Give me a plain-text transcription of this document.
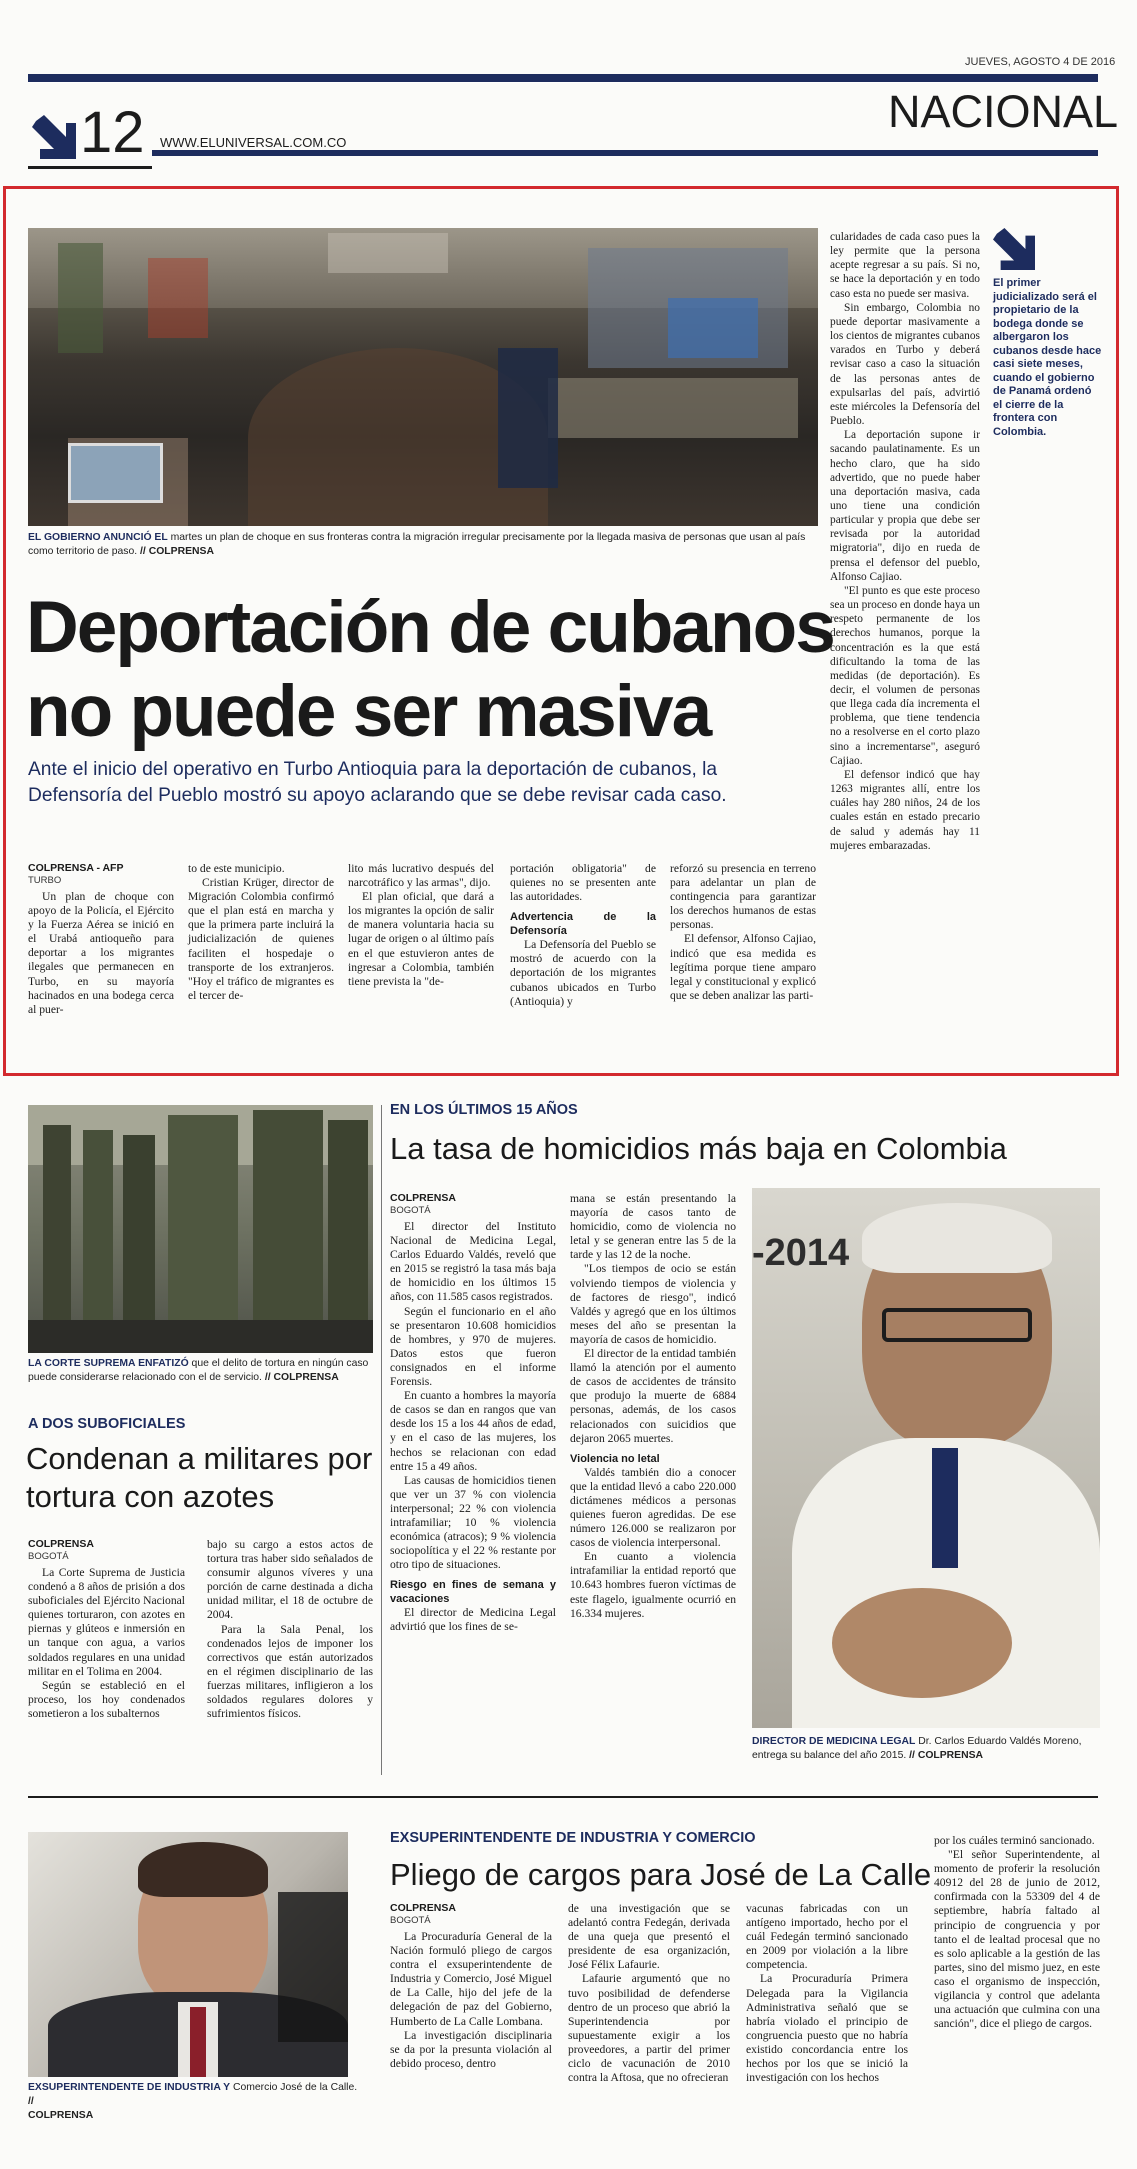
JUEVES, AGOSTO 4 DE 2016
NACIONAL
12 WWW.ELUNIVERSAL.COM.CO
EL GOBIERNO ANUNCIÓ EL martes un plan de choque en sus fronteras contra la migración irregular precisamente por la llegada masiva de personas que usan al país como territorio de paso. // COLPRENSA
Deportación de cubanos
no puede ser masiva
Ante el inicio del operativo en Turbo Antioquia para la deportación de cubanos, la
Defensoría del Pueblo mostró su apoyo aclarando que se debe revisar cada caso.
COLPRENSA - AFP
TURBO

Un plan de choque con apoyo de la Policía, el Ejército y la Fuerza Aérea se inició en el Urabá antioqueño para deportar a los migrantes ilegales que permanecen en Turbo, en su mayoría hacinados en una bodega cerca al puer-

to de este municipio.

Cristian Krüger, director de Migración Colombia confirmó que el plan está en marcha y que la primera parte incluirá la judicialización de quienes faciliten el hospedaje o transporte de los extranjeros. "Hoy el tráfico de migrantes es el tercer de-

lito más lucrativo después del narcotráfico y las armas", dijo.

El plan oficial, que dará a los migrantes la opción de salir de manera voluntaria hacia su lugar de origen o al último país en el que estuvieron antes de ingresar a Colombia, también tiene prevista la "de-

portación obligatoria" de quienes no se presenten ante las autoridades.

Advertencia de la Defensoría

La Defensoría del Pueblo se mostró de acuerdo con la deportación de los migrantes cubanos ubicados en Turbo (Antioquia) y

reforzó su presencia en terreno para adelantar un plan de contingencia para garantizar los derechos humanos de estas personas.

El defensor, Alfonso Cajiao, indicó que esa medida es legítima porque tiene amparo legal y constitucional y explicó que se deben analizar las parti-

cularidades de cada caso pues la ley permite que la persona acepte regresar a su país. Si no, se hace la deportación y en todo caso esta no puede ser masiva.

Sin embargo, Colombia no puede deportar masivamente a los cientos de migrantes cubanos varados en Turbo y deberá revisar caso a caso la situación de las personas antes de expulsarlas del país, advirtió este miércoles la Defensoría del Pueblo.

La deportación supone ir sacando paulatinamente. Es un hecho claro, que ha sido advertido, que no puede haber una deportación masiva, cada uno tiene una condición particular y propia que debe ser revisada por la autoridad migratoria", dijo en rueda de prensa el defensor del pueblo, Alfonso Cajiao.

"El punto es que este proceso sea un proceso en donde haya un respeto permanente de los derechos humanos, porque la concentración es la que está dificultando la toma de las medidas (de deportación). Es decir, el volumen de personas que llega cada día incrementa el problema, que tiene tendencia no a resolverse en el corto plazo sino a incrementarse", aseguró Cajiao.

El defensor indicó que hay 1263 migrantes allí, entre los cuáles hay 280 niños, 24 de los cuales están en estado precario de salud y además hay 11 mujeres embarazadas.

El primer judicializado será el propietario de la bodega donde se albergaron los cubanos desde hace casi siete meses, cuando el gobierno de Panamá ordenó el cierre de la frontera con Colombia.
LA CORTE SUPREMA ENFATIZÓ que el delito de tortura en ningún caso puede considerarse relacionado con el de servicio. // COLPRENSA
A DOS SUBOFICIALES
Condenan a militares por
tortura con azotes
COLPRENSA
BOGOTÁ

La Corte Suprema de Justicia condenó a 8 años de prisión a dos suboficiales del Ejército Nacional quienes torturaron, con azotes en piernas y glúteos e inmersión en un tanque con agua, a varios soldados regulares en una unidad militar en el Tolima en 2004.

Según se estableció en el proceso, los hoy condenados sometieron a los subalternos

bajo su cargo a estos actos de tortura tras haber sido señalados de consumir algunos víveres y una porción de carne destinada a dicha unidad militar, el 18 de octubre de 2004.

Para la Sala Penal, los condenados lejos de imponer los correctivos que están autorizados en el régimen disciplinario de las fuerzas militares, infligieron a los soldados regulares dolores y sufrimientos físicos.

EN LOS ÚLTIMOS 15 AÑOS
La tasa de homicidios más baja en Colombia
COLPRENSA
BOGOTÁ

El director del Instituto Nacional de Medicina Legal, Carlos Eduardo Valdés, reveló que en 2015 se registró la tasa más baja de homicidio en los últimos 15 años, con 11.585 casos registrados.

Según el funcionario en el año se presentaron 10.608 homicidios de hombres, y 970 de mujeres. Datos estos que fueron consignados en el informe Forensis.

En cuanto a hombres la mayoría de casos se dan en rangos que van desde los 15 a los 44 años de edad, y en el caso de las mujeres, los hechos se relacionan con edad entre 15 a 49 años.

Las causas de homicidios tienen que ver un 37 % con violencia interpersonal; 22 % con violencia intrafamiliar; 10 % violencia económica (atracos); 9 % violencia sociopolítica y el 22 % restante por otro tipo de situaciones.

Riesgo en fines de semana y vacaciones

El director de Medicina Legal advirtió que los fines de se-

mana se están presentando la mayoría de casos tanto de homicidio, como de violencia no letal y se generan entre las 5 de la tarde y las 12 de la noche.

"Los tiempos de ocio se están volviendo tiempos de violencia y de factores de riesgo", indicó Valdés y agregó que en los últimos meses del año se presentan la mayoría de casos de homicidio.

El director de la entidad también llamó la atención por el aumento de casos de accidentes de tránsito que produjo la muerte de 6884 personas, además, de los casos relacionados con suicidios que dejaron 2065 muertes.

Violencia no letal

Valdés también dio a conocer que la entidad llevó a cabo 220.000 dictámenes médicos a personas quienes fueron agredidas. De ese número 126.000 se realizaron por casos de violencia interpersonal.

En cuanto a violencia intrafamiliar la entidad reportó que 10.643 hombres fueron víctimas de este flagelo, igualmente ocurrió en 16.334 mujeres.

-2014
DIRECTOR DE MEDICINA LEGAL Dr. Carlos Eduardo Valdés Moreno, entrega su balance del año 2015. // COLPRENSA
EXSUPERINTENDENTE DE INDUSTRIA Y Comercio José de la Calle. //
COLPRENSA
EXSUPERINTENDENTE DE INDUSTRIA Y COMERCIO
Pliego de cargos para José de La Calle
COLPRENSA
BOGOTÁ

La Procuraduría General de la Nación formuló pliego de cargos contra el exsuperintendente de Industria y Comercio, José Miguel de La Calle, hijo del jefe de la delegación de paz del Gobierno, Humberto de La Calle Lombana.

La investigación disciplinaria se da por la presunta violación al debido proceso, dentro

de una investigación que se adelantó contra Fedegán, derivada de una queja que presentó el presidente de esa organización, José Félix Lafaurie.

Lafaurie argumentó que no tuvo posibilidad de defenderse dentro de un proceso que abrió la Superintendencia por supuestamente exigir a los proveedores, a partir del primer ciclo de vacunación de 2010 contra la Aftosa, que no ofrecieran

vacunas fabricadas con un antígeno importado, hecho por el cuál Fedegán terminó sancionado en 2009 por violación a la libre competencia.

La Procuraduría Primera Delegada para la Vigilancia Administrativa señaló que se habría violado el principio de congruencia puesto que no habría existido concordancia entre los hechos por los que se inició la investigación con los hechos

por los cuáles terminó sancionado.

"El señor Superintendente, al momento de proferir la resolución 40912 del 28 de junio de 2012, confirmada con la 53309 del 4 de septiembre, habría faltado al principio de congruencia y por tanto el de lealtad procesal que no es solo aplicable a la gestión de las partes, sino del mismo juez, en este caso el organismo de inspección, vigilancia y control que adelanta una actuación que culmina con una sanción", dice el pliego de cargos.
